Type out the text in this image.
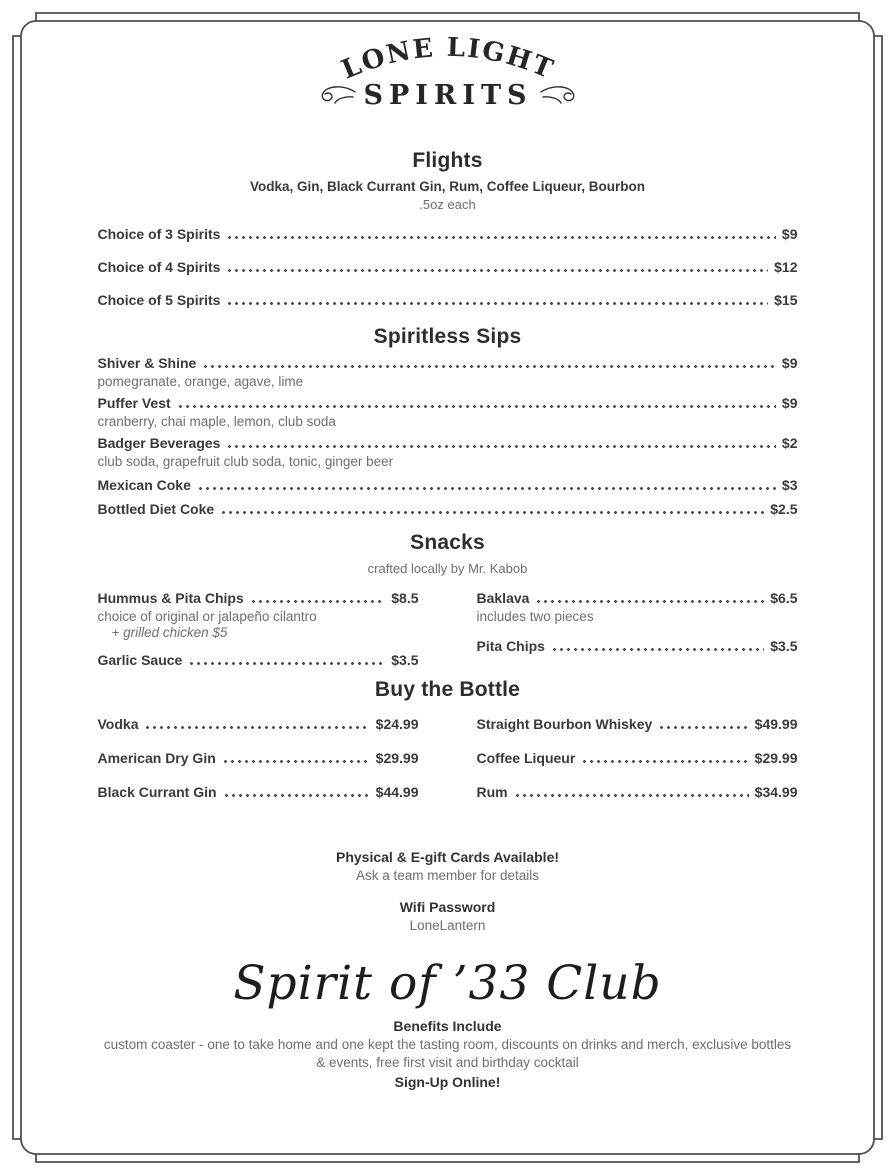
LONE LIGHT
SPIRITS
Flights
Vodka, Gin, Black Currant Gin, Rum, Coffee Liqueur, Bourbon
.5oz each
Choice of 3 Spirits	$9
Choice of 4 Spirits	$12
Choice of 5 Spirits	$15
Spiritless Sips
Shiver & Shine	$9
pomegranate, orange, agave, lime
Puffer Vest	$9
cranberry, chai maple, lemon, club soda
Badger Beverages	$2
club soda, grapefruit club soda, tonic, ginger beer
Mexican Coke	$3
Bottled Diet Coke	$2.5
Snacks
crafted locally by Mr. Kabob
Hummus & Pita Chips	$8.5
choice of original or jalapeño cilantro
+ grilled chicken $5
Garlic Sauce	$3.5
Baklava	$6.5
includes two pieces
Pita Chips	$3.5
Buy the Bottle
Vodka	$24.99
American Dry Gin	$29.99
Black Currant Gin	$44.99
Straight Bourbon Whiskey	$49.99
Coffee Liqueur	$29.99
Rum	$34.99
Physical & E-gift Cards Available!
Ask a team member for details
Wifi Password
LoneLantern
Spirit of ’33 Club
Benefits Include
custom coaster - one to take home and one kept the tasting room, discounts on drinks and merch, exclusive bottles & events, free first visit and birthday cocktail
Sign-Up Online!
